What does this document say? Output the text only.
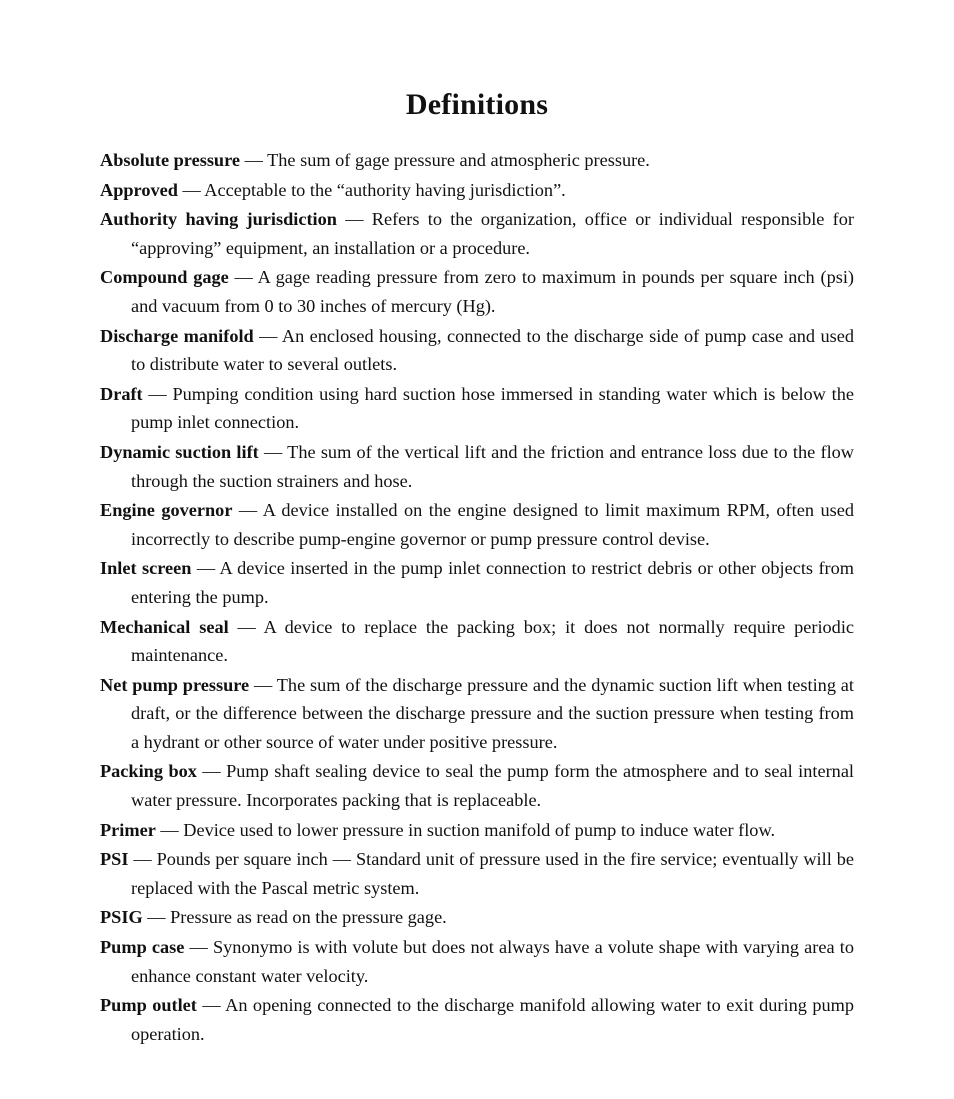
Definitions
Absolute pressure — The sum of gage pressure and atmospheric pressure.
Approved — Acceptable to the “authority having jurisdiction”.
Authority having jurisdiction — Refers to the organization, office or individual responsible for “approving” equipment, an installation or a procedure.
Compound gage — A gage reading pressure from zero to maximum in pounds per square inch (psi) and vacuum from 0 to 30 inches of mercury (Hg).
Discharge manifold — An enclosed housing, connected to the discharge side of pump case and used to distribute water to several outlets.
Draft — Pumping condition using hard suction hose immersed in standing water which is below the pump inlet connection.
Dynamic suction lift — The sum of the vertical lift and the friction and entrance loss due to the flow through the suction strainers and hose.
Engine governor — A device installed on the engine designed to limit maximum RPM, often used incorrectly to describe pump-engine governor or pump pressure control devise.
Inlet screen — A device inserted in the pump inlet connection to restrict debris or other objects from entering the pump.
Mechanical seal — A device to replace the packing box; it does not normally require periodic maintenance.
Net pump pressure — The sum of the discharge pressure and the dynamic suction lift when testing at draft, or the difference between the discharge pressure and the suction pressure when testing from a hydrant or other source of water under positive pressure.
Packing box — Pump shaft sealing device to seal the pump form the atmosphere and to seal internal water pressure. Incorporates packing that is replaceable.
Primer — Device used to lower pressure in suction manifold of pump to induce water flow.
PSI — Pounds per square inch — Standard unit of pressure used in the fire service; eventually will be replaced with the Pascal metric system.
PSIG — Pressure as read on the pressure gage.
Pump case — Synonymo is with volute but does not always have a volute shape with varying area to enhance constant water velocity.
Pump outlet — An opening connected to the discharge manifold allowing water to exit during pump operation.
